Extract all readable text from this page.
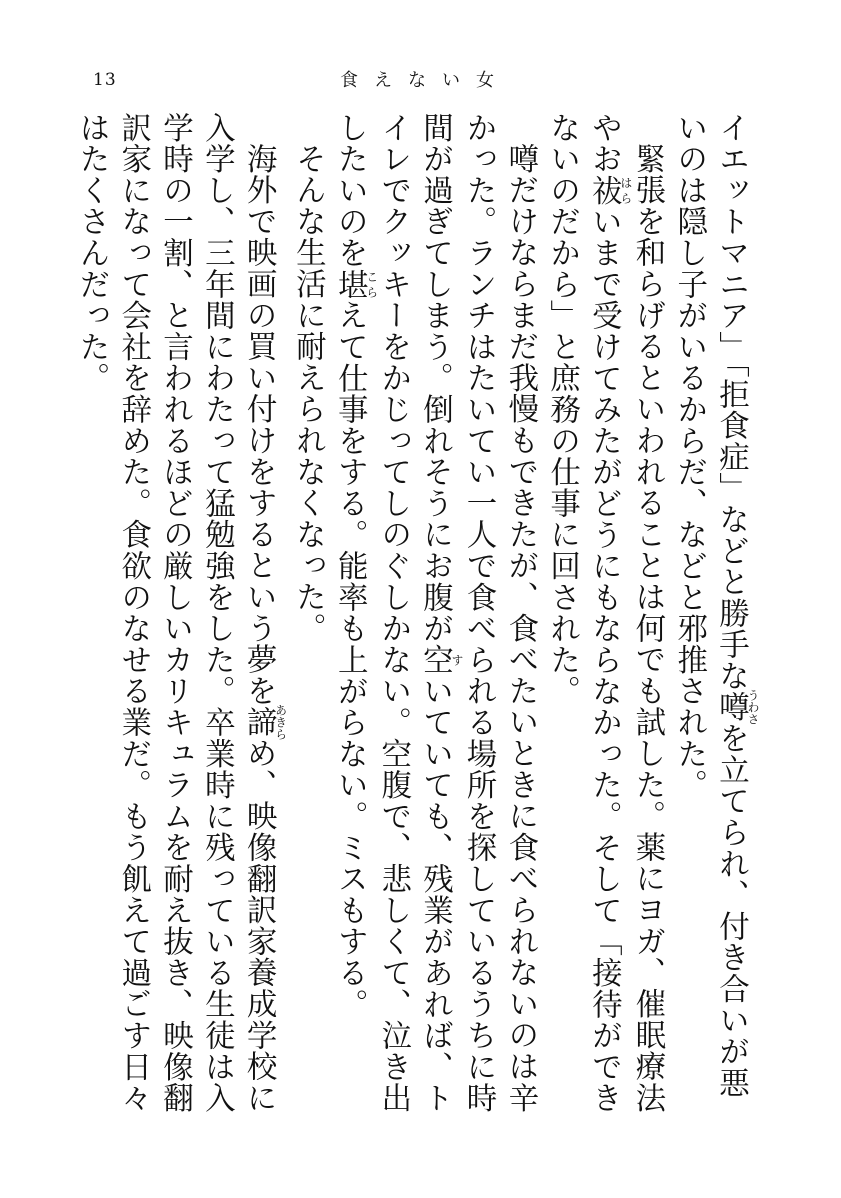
13	食えない女

イエットマニア」「拒食症」などと勝手な噂うわさを立てられ、付き合いが悪いのは隠し子がいるからだ、などと邪推された。

緊張を和らげるといわれることは何でも試した。薬にヨガ、催眠療法やお祓はらいまで受けてみたがどうにもならなかった。そして「接待ができないのだから」と庶務の仕事に回された。

噂だけならまだ我慢もできたが、食べたいときに食べられないのは辛かった。ランチはたいてい一人で食べられる場所を探しているうちに時間が過ぎてしまう。倒れそうにお腹が空すいていても、残業があれば、トイレでクッキーをかじってしのぐしかない。空腹で、悲しくて、泣き出したいのを堪こらえて仕事をする。能率も上がらない。ミスもする。

そんな生活に耐えられなくなった。

海外で映画の買い付けをするという夢を諦あきらめ、映像翻訳家養成学校に入学し、三年間にわたって猛勉強をした。卒業時に残っている生徒は入学時の一割、と言われるほどの厳しいカリキュラムを耐え抜き、映像翻訳家になって会社を辞めた。食欲のなせる業だ。もう飢えて過ごす日々はたくさんだった。
